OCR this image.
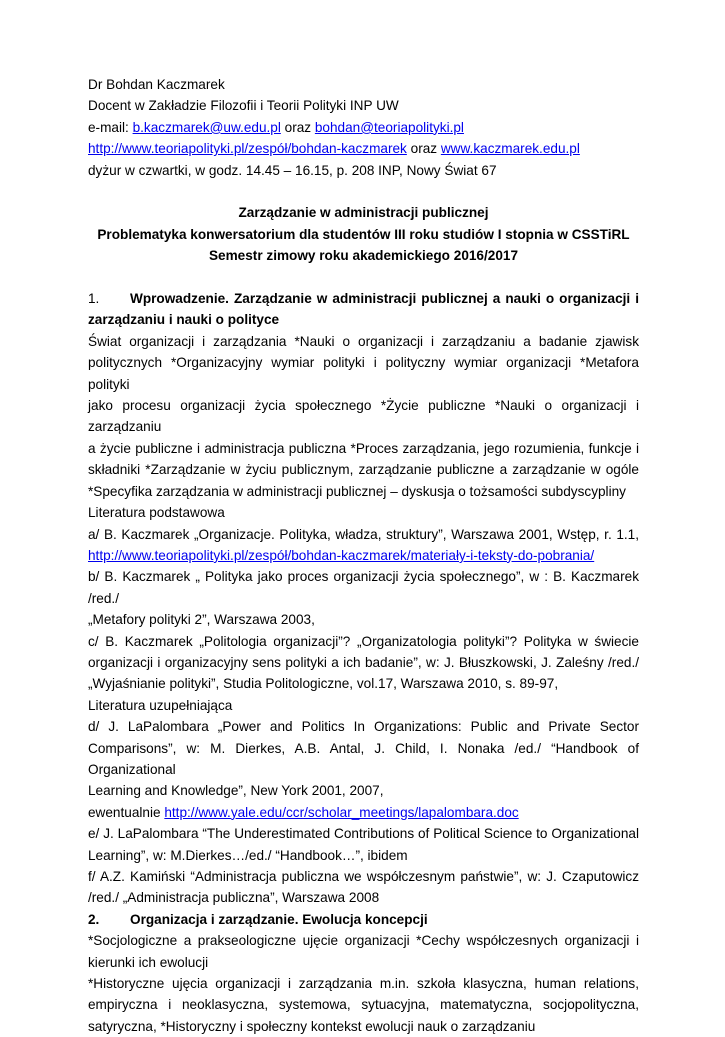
Dr Bohdan Kaczmarek
Docent w Zakładzie Filozofii i Teorii Polityki INP UW
e-mail: b.kaczmarek@uw.edu.pl oraz bohdan@teoriapolityki.pl
http://www.teoriapolityki.pl/zespół/bohdan-kaczmarek oraz www.kaczmarek.edu.pl
dyżur w czwartki, w godz. 14.45 – 16.15, p. 208 INP, Nowy Świat 67
Zarządzanie w administracji publicznej
Problematyka konwersatorium dla studentów III roku studiów I stopnia w CSSTiRL
Semestr zimowy roku akademickiego 2016/2017
1. Wprowadzenie. Zarządzanie w administracji publicznej a nauki o organizacji i
zarządzaniu i nauki o polityce
Świat organizacji i zarządzania *Nauki o organizacji i zarządzaniu a badanie zjawisk
politycznych *Organizacyjny wymiar polityki i polityczny wymiar organizacji *Metafora polityki
jako procesu organizacji życia społecznego *Życie publiczne *Nauki o organizacji i zarządzaniu
a życie publiczne i administracja publiczna *Proces zarządzania, jego rozumienia, funkcje i
składniki *Zarządzanie w życiu publicznym, zarządzanie publiczne a zarządzanie w ogóle
*Specyfika zarządzania w administracji publicznej – dyskusja o tożsamości subdyscypliny
Literatura podstawowa
a/ B. Kaczmarek „Organizacje. Polityka, władza, struktury”, Warszawa 2001, Wstęp, r. 1.1,
http://www.teoriapolityki.pl/zespół/bohdan-kaczmarek/materiały-i-teksty-do-pobrania/
b/ B. Kaczmarek „ Polityka jako proces organizacji życia społecznego”, w : B. Kaczmarek /red./
„Metafory polityki 2”, Warszawa 2003,
c/ B. Kaczmarek „Politologia organizacji”? „Organizatologia polityki”? Polityka w świecie
organizacji i organizacyjny sens polityki a ich badanie”, w: J. Błuszkowski, J. Zaleśny /red./
„Wyjaśnianie polityki”, Studia Politologiczne, vol.17, Warszawa 2010, s. 89-97,
Literatura uzupełniająca
d/ J. LaPalombara „Power and Politics In Organizations: Public and Private Sector
Comparisons”, w: M. Dierkes, A.B. Antal, J. Child, I. Nonaka /ed./ “Handbook of Organizational
Learning and Knowledge”, New York 2001, 2007,
ewentualnie http://www.yale.edu/ccr/scholar_meetings/lapalombara.doc
e/ J. LaPalombara “The Underestimated Contributions of Political Science to Organizational
Learning”, w: M.Dierkes…/ed./ “Handbook…”, ibidem
f/ A.Z. Kamiński “Administracja publiczna we współczesnym państwie”, w: J. Czaputowicz
/red./ „Administracja publiczna”, Warszawa 2008
2. Organizacja i zarządzanie. Ewolucja koncepcji
*Socjologiczne a prakseologiczne ujęcie organizacji *Cechy współczesnych organizacji i
kierunki ich ewolucji
*Historyczne ujęcia organizacji i zarządzania m.in. szkoła klasyczna, human relations,
empiryczna i neoklasyczna, systemowa, sytuacyjna, matematyczna, socjopolityczna,
satyryczna, *Historyczny i społeczny kontekst ewolucji nauk o zarządzaniu
